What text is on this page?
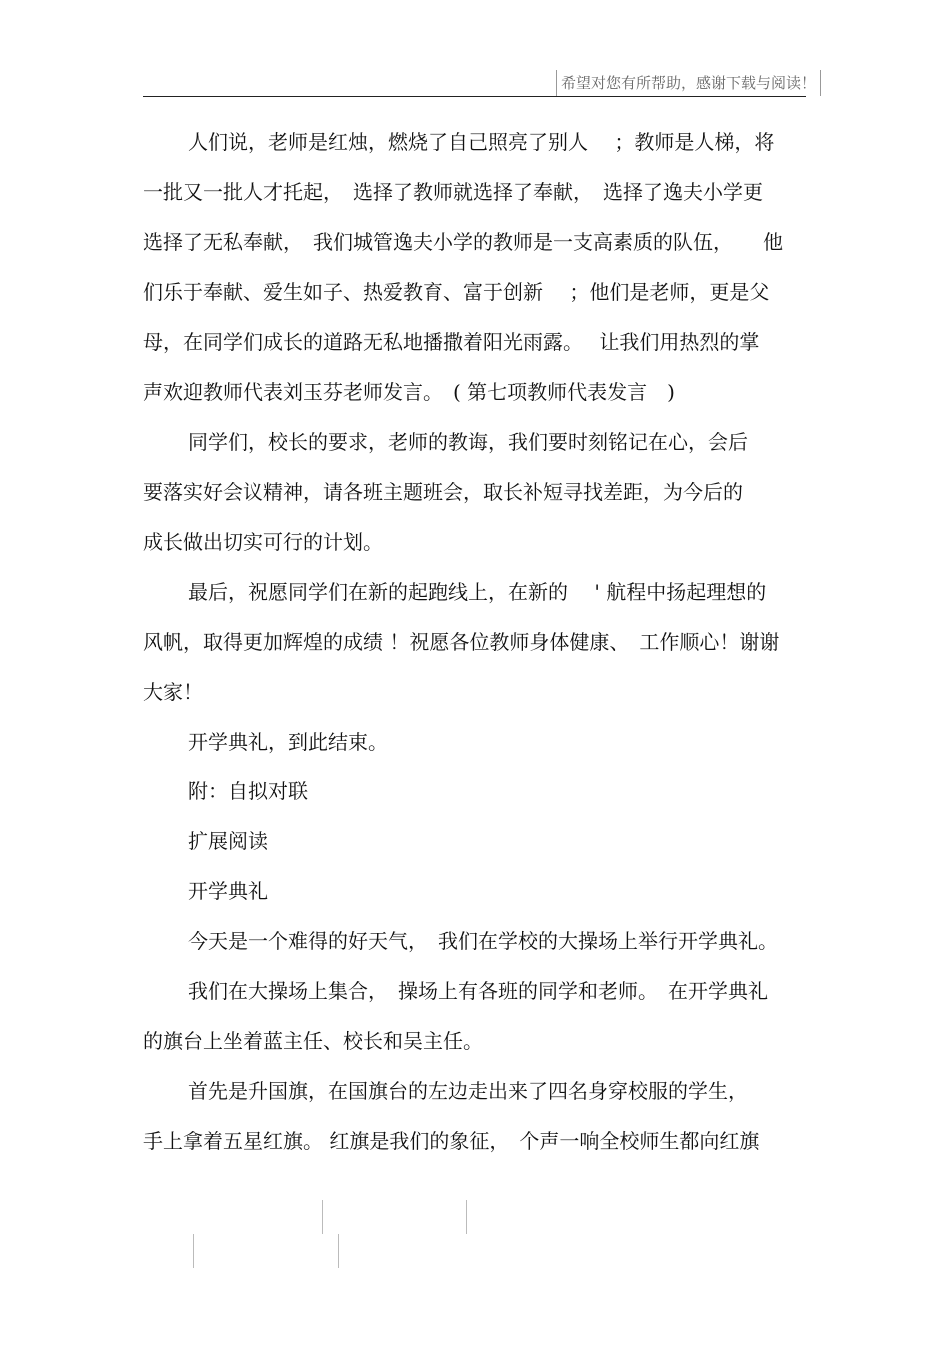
希望对您有所帮助，感谢下载与阅读！
人们说，老师是红烛，燃烧了自己照亮了别人　 ；教师是人梯，将
一批又一批人才托起，　选择了教师就选择了奉献，　选择了逸夫小学更
选择了无私奉献，　我们城管逸夫小学的教师是一支高素质的队伍，　　他
们乐于奉献、爱生如子、热爱教育、富于创新　 ；他们是老师，更是父
母，在同学们成长的道路无私地播撒着阳光雨露。　 让我们用热烈的掌
声欢迎教师代表刘玉芬老师发言。　( 第七项教师代表发言　)
同学们，校长的要求，老师的教诲，我们要时刻铭记在心，会后
要落实好会议精神，请各班主题班会，取长补短寻找差距，为今后的
成长做出切实可行的计划。
最后，祝愿同学们在新的起跑线上，在新的　 ' 航程中扬起理想的
风帆，取得更加辉煌的成绩 ！祝愿各位教师身体健康、　工作顺心！谢谢
大家！
开学典礼，到此结束。
附：自拟对联
扩展阅读
开学典礼
今天是一个难得的好天气，　我们在学校的大操场上举行开学典礼。
我们在大操场上集合，　操场上有各班的同学和老师。　在开学典礼
的旗台上坐着蓝主任、校长和吴主任。
首先是升国旗，在国旗台的左边走出来了四名身穿校服的学生，
手上拿着五星红旗。 红旗是我们的象征，　个声一响全校师生都向红旗
